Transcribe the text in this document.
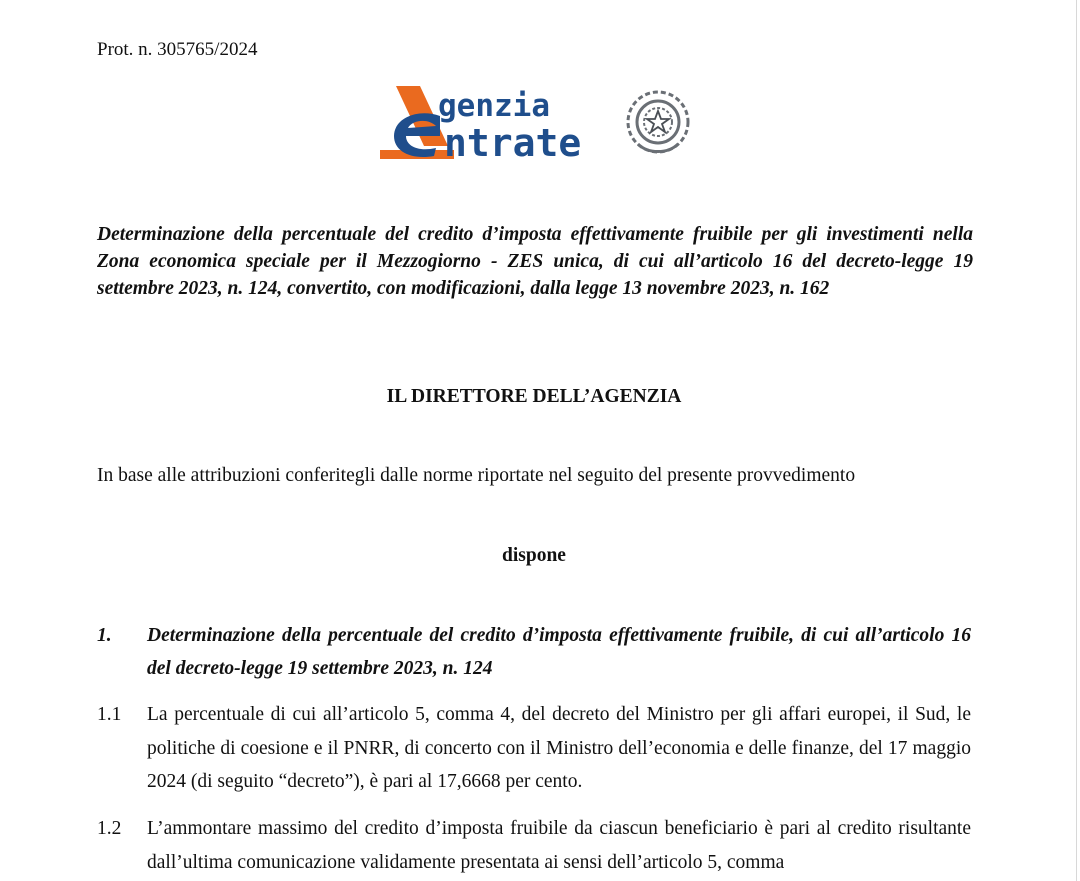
Prot. n. 305765/2024
genzia
ntrate
Determinazione della percentuale del credito d’imposta effettivamente fruibile per gli investimenti nella Zona economica speciale per il Mezzogiorno - ZES unica, di cui all’articolo 16 del decreto-legge 19 settembre 2023, n. 124, convertito, con modificazioni, dalla legge 13 novembre 2023, n. 162
IL DIRETTORE DELL’AGENZIA
In base alle attribuzioni conferitegli dalle norme riportate nel seguito del presente provvedimento
dispone
1.	Determinazione della percentuale del credito d’imposta effettivamente fruibile, di cui all’articolo 16 del decreto-legge 19 settembre 2023, n. 124
1.1	La percentuale di cui all’articolo 5, comma 4, del decreto del Ministro per gli affari europei, il Sud, le politiche di coesione e il PNRR, di concerto con il Ministro dell’economia e delle finanze, del 17 maggio 2024 (di seguito “decreto”), è pari al 17,6668 per cento.
1.2	L’ammontare massimo del credito d’imposta fruibile da ciascun beneficiario è pari al credito risultante dall’ultima comunicazione validamente presentata ai sensi dell’articolo 5, comma
